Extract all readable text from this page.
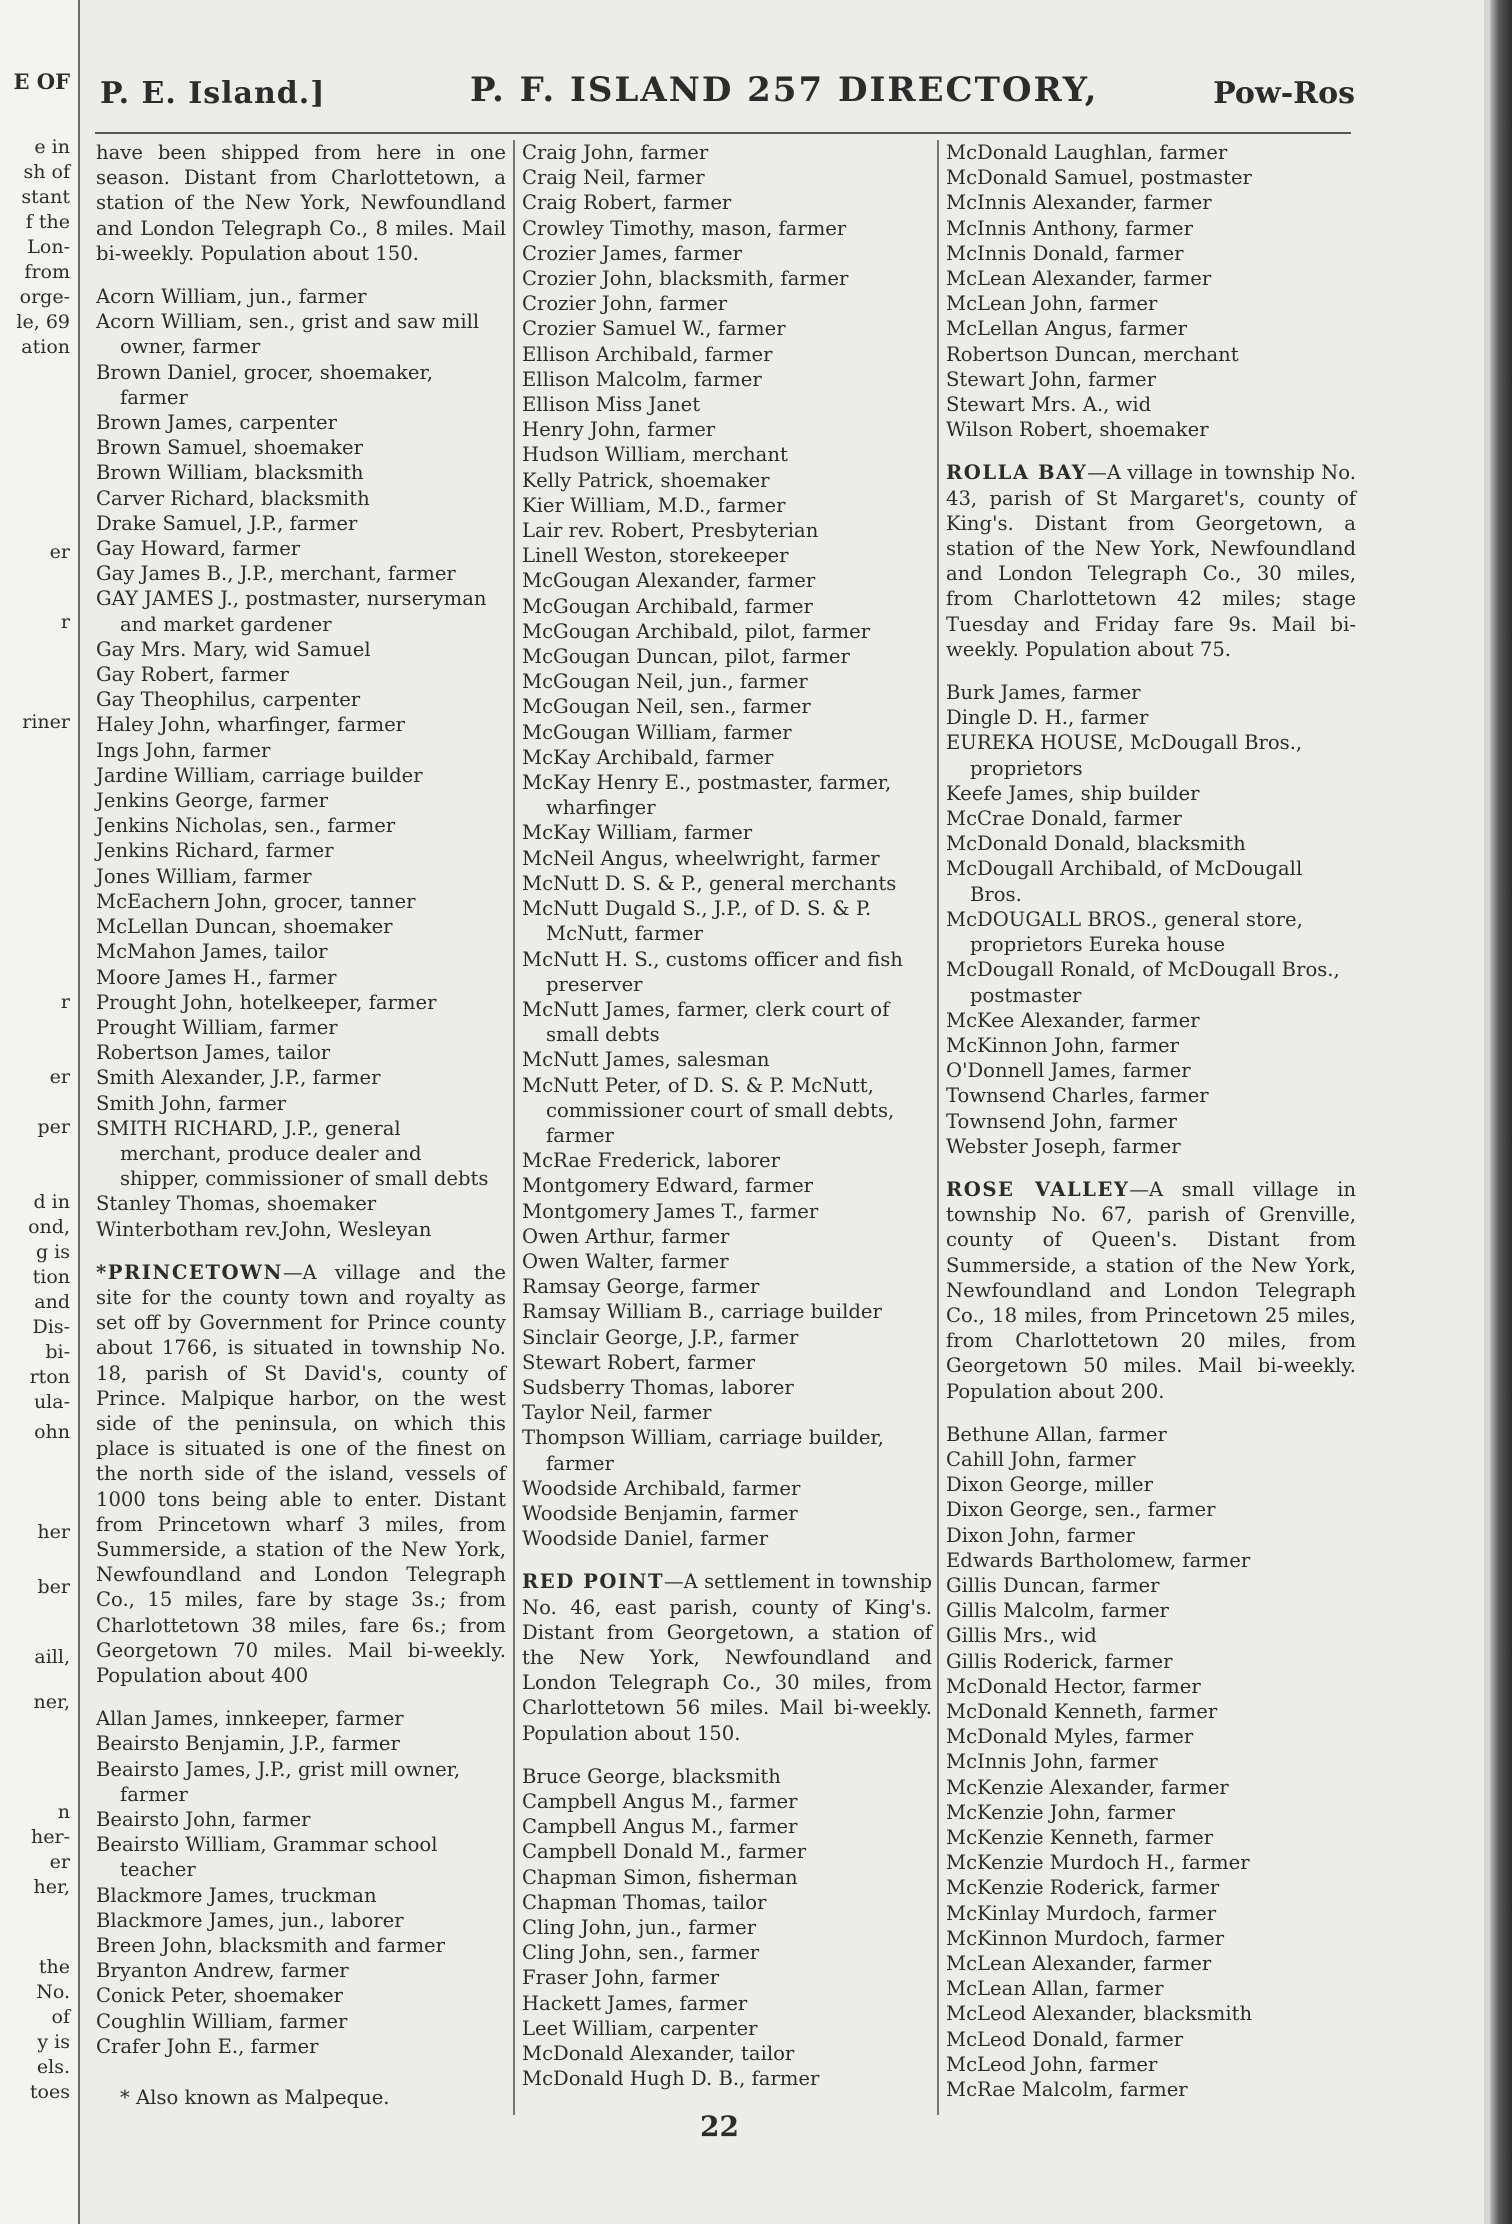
E OF
e in
sh of
stant
f the
Lon-
from
orge-
le, 69
ation
er
r
riner
r
er
per
d in
ond,
g is
tion
and
Dis-
bi-
rton
ula-
ohn
her
ber
aill,
ner,
n
her-
er
her,
the
No.
of
y is
els.
toes
P. E. Island.]	P. F. ISLAND 257 DIRECTORY,	Pow-Ros

have been shipped from here in one season. Distant from Charlottetown, a station of the New York, Newfoundland and London Telegraph Co., 8 miles. Mail bi-weekly. Population about 150.

Acorn William, jun., farmer
Acorn William, sen., grist and saw mill owner, farmer
Brown Daniel, grocer, shoemaker, farmer
Brown James, carpenter
Brown Samuel, shoemaker
Brown William, blacksmith
Carver Richard, blacksmith
Drake Samuel, J.P., farmer
Gay Howard, farmer
Gay James B., J.P., merchant, farmer
GAY JAMES J., postmaster, nurseryman and market gardener
Gay Mrs. Mary, wid Samuel
Gay Robert, farmer
Gay Theophilus, carpenter
Haley John, wharfinger, farmer
Ings John, farmer
Jardine William, carriage builder
Jenkins George, farmer
Jenkins Nicholas, sen., farmer
Jenkins Richard, farmer
Jones William, farmer
McEachern John, grocer, tanner
McLellan Duncan, shoemaker
McMahon James, tailor
Moore James H., farmer
Prought John, hotelkeeper, farmer
Prought William, farmer
Robertson James, tailor
Smith Alexander, J.P., farmer
Smith John, farmer
SMITH RICHARD, J.P., general merchant, produce dealer and shipper, commissioner of small debts
Stanley Thomas, shoemaker
Winterbotham rev.John, Wesleyan

*PRINCETOWN—A village and the site for the county town and royalty as set off by Government for Prince county about 1766, is situated in township No. 18, parish of St David's, county of Prince. Malpique harbor, on the west side of the peninsula, on which this place is situated is one of the finest on the north side of the island, vessels of 1000 tons being able to enter. Distant from Princetown wharf 3 miles, from Summerside, a station of the New York, Newfoundland and London Telegraph Co., 15 miles, fare by stage 3s.; from Charlottetown 38 miles, fare 6s.; from Georgetown 70 miles. Mail bi-weekly. Population about 400

Allan James, innkeeper, farmer
Beairsto Benjamin, J.P., farmer
Beairsto James, J.P., grist mill owner, farmer
Beairsto John, farmer
Beairsto William, Grammar school teacher
Blackmore James, truckman
Blackmore James, jun., laborer
Breen John, blacksmith and farmer
Bryanton Andrew, farmer
Conick Peter, shoemaker
Coughlin William, farmer
Crafer John E., farmer
* Also known as Malpeque.
Craig John, farmer
Craig Neil, farmer
Craig Robert, farmer
Crowley Timothy, mason, farmer
Crozier James, farmer
Crozier John, blacksmith, farmer
Crozier John, farmer
Crozier Samuel W., farmer
Ellison Archibald, farmer
Ellison Malcolm, farmer
Ellison Miss Janet
Henry John, farmer
Hudson William, merchant
Kelly Patrick, shoemaker
Kier William, M.D., farmer
Lair rev. Robert, Presbyterian
Linell Weston, storekeeper
McGougan Alexander, farmer
McGougan Archibald, farmer
McGougan Archibald, pilot, farmer
McGougan Duncan, pilot, farmer
McGougan Neil, jun., farmer
McGougan Neil, sen., farmer
McGougan William, farmer
McKay Archibald, farmer
McKay Henry E., postmaster, farmer, wharfinger
McKay William, farmer
McNeil Angus, wheelwright, farmer
McNutt D. S. & P., general merchants
McNutt Dugald S., J.P., of D. S. & P. McNutt, farmer
McNutt H. S., customs officer and fish preserver
McNutt James, farmer, clerk court of small debts
McNutt James, salesman
McNutt Peter, of D. S. & P. McNutt, commissioner court of small debts, farmer
McRae Frederick, laborer
Montgomery Edward, farmer
Montgomery James T., farmer
Owen Arthur, farmer
Owen Walter, farmer
Ramsay George, farmer
Ramsay William B., carriage builder
Sinclair George, J.P., farmer
Stewart Robert, farmer
Sudsberry Thomas, laborer
Taylor Neil, farmer
Thompson William, carriage builder, farmer
Woodside Archibald, farmer
Woodside Benjamin, farmer
Woodside Daniel, farmer

RED POINT—A settlement in township No. 46, east parish, county of King's. Distant from Georgetown, a station of the New York, Newfoundland and London Telegraph Co., 30 miles, from Charlottetown 56 miles. Mail bi-weekly. Population about 150.

Bruce George, blacksmith
Campbell Angus M., farmer
Campbell Angus M., farmer
Campbell Donald M., farmer
Chapman Simon, fisherman
Chapman Thomas, tailor
Cling John, jun., farmer
Cling John, sen., farmer
Fraser John, farmer
Hackett James, farmer
Leet William, carpenter
McDonald Alexander, tailor
McDonald Hugh D. B., farmer
McDonald Laughlan, farmer
McDonald Samuel, postmaster
McInnis Alexander, farmer
McInnis Anthony, farmer
McInnis Donald, farmer
McLean Alexander, farmer
McLean John, farmer
McLellan Angus, farmer
Robertson Duncan, merchant
Stewart John, farmer
Stewart Mrs. A., wid
Wilson Robert, shoemaker

ROLLA BAY—A village in township No. 43, parish of St Margaret's, county of King's. Distant from Georgetown, a station of the New York, Newfoundland and London Telegraph Co., 30 miles, from Charlottetown 42 miles; stage Tuesday and Friday fare 9s. Mail bi-weekly. Population about 75.

Burk James, farmer
Dingle D. H., farmer
EUREKA HOUSE, McDougall Bros., proprietors
Keefe James, ship builder
McCrae Donald, farmer
McDonald Donald, blacksmith
McDougall Archibald, of McDougall Bros.
McDOUGALL BROS., general store, proprietors Eureka house
McDougall Ronald, of McDougall Bros., postmaster
McKee Alexander, farmer
McKinnon John, farmer
O'Donnell James, farmer
Townsend Charles, farmer
Townsend John, farmer
Webster Joseph, farmer

ROSE VALLEY—A small village in township No. 67, parish of Grenville, county of Queen's. Distant from Summerside, a station of the New York, Newfoundland and London Telegraph Co., 18 miles, from Princetown 25 miles, from Charlottetown 20 miles, from Georgetown 50 miles. Mail bi-weekly. Population about 200.

Bethune Allan, farmer
Cahill John, farmer
Dixon George, miller
Dixon George, sen., farmer
Dixon John, farmer
Edwards Bartholomew, farmer
Gillis Duncan, farmer
Gillis Malcolm, farmer
Gillis Mrs., wid
Gillis Roderick, farmer
McDonald Hector, farmer
McDonald Kenneth, farmer
McDonald Myles, farmer
McInnis John, farmer
McKenzie Alexander, farmer
McKenzie John, farmer
McKenzie Kenneth, farmer
McKenzie Murdoch H., farmer
McKenzie Roderick, farmer
McKinlay Murdoch, farmer
McKinnon Murdoch, farmer
McLean Alexander, farmer
McLean Allan, farmer
McLeod Alexander, blacksmith
McLeod Donald, farmer
McLeod John, farmer
McRae Malcolm, farmer
22
